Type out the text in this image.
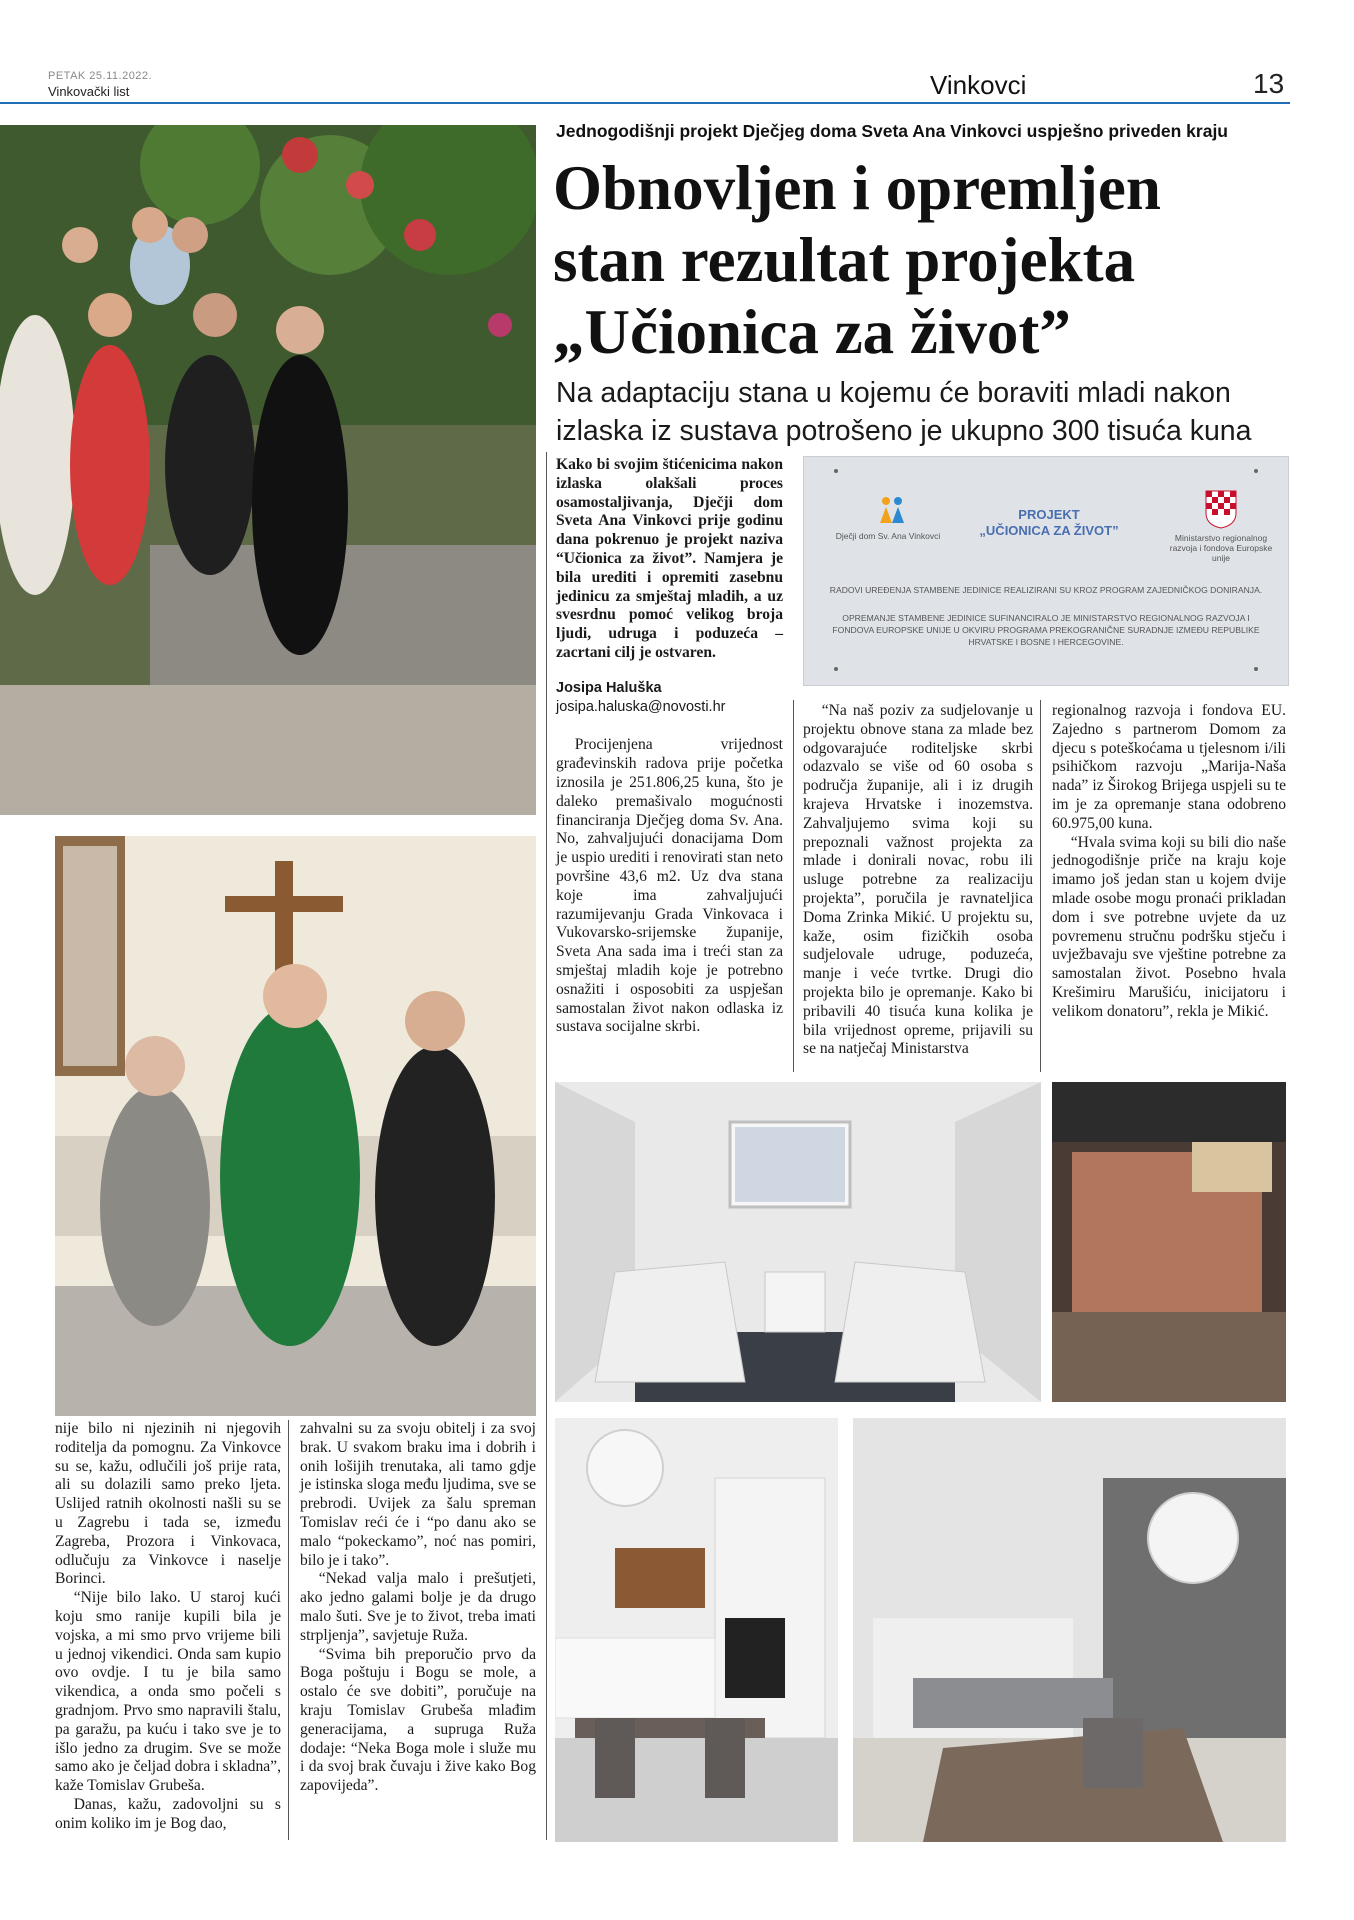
PETAK 25.11.2022.
Vinkovački list	Vinkovci	13
Jednogodišnji projekt Dječjeg doma Sveta Ana Vinkovci uspješno priveden kraju
Obnovljen i opremljen
stan rezultat projekta
„Učionica za život”
Na adaptaciju stana u kojemu će boraviti mladi nakon izlaska iz sustava potrošeno je ukupno 300 tisuća kuna
Dječji dom Sv. Ana Vinkovci
PROJEKT
„UČIONICA ZA ŽIVOT”	Ministarstvo regionalnog razvoja i fondova Europske unije
RADOVI UREĐENJA STAMBENE JEDINICE REALIZIRANI SU KROZ PROGRAM ZAJEDNIČKOG DONIRANJA.
OPREMANJE STAMBENE JEDINICE SUFINANCIRALO JE MINISTARSTVO REGIONALNOG RAZVOJA I FONDOVA EUROPSKE UNIJE U OKVIRU PROGRAMA PREKOGRANIČNE SURADNJE IZMEĐU REPUBLIKE HRVATSKE I BOSNE I HERCEGOVINE.

Kako bi svojim štićenicima nakon izlaska olakšali proces osamostaljivanja, Dječji dom Sveta Ana Vinkovci prije godinu dana pokrenuo je projekt naziva “Učionica za život”. Namjera je bila urediti i opremiti zasebnu jedinicu za smještaj mladih, a uz svesrdnu pomoć velikog broja ljudi, udruga i poduzeća – zacrtani cilj je ostvaren.

Josipa Haluška
josipa.haluska@novosti.hr

Procijenjena vrijednost građevinskih radova prije početka iznosila je 251.806,25 kuna, što je daleko premašivalo mogućnosti financiranja Dječjeg doma Sv. Ana. No, zahvaljujući donacijama Dom je uspio urediti i renovirati stan neto površine 43,6 m2. Uz dva stana koje ima zahvaljujući razumijevanju Grada Vinkovaca i Vukovarsko-srijemske županije, Sveta Ana sada ima i treći stan za smještaj mladih koje je potrebno osnažiti i osposobiti za uspješan samostalan život nakon odlaska iz sustava socijalne skrbi.

“Na naš poziv za sudjelovanje u projektu obnove stana za mlade bez odgovarajuće roditeljske skrbi odazvalo se više od 60 osoba s područja županije, ali i iz drugih krajeva Hrvatske i inozemstva. Zahvaljujemo svima koji su prepoznali važnost projekta za mlade i donirali novac, robu ili usluge potrebne za realizaciju projekta”, poručila je ravnateljica Doma Zrinka Mikić. U projektu su, kaže, osim fizičkih osoba sudjelovale udruge, poduzeća, manje i veće tvrtke. Drugi dio projekta bilo je opremanje. Kako bi pribavili 40 tisuća kuna kolika je bila vrijednost opreme, prijavili su se na natječaj Ministarstva

regionalnog razvoja i fondova EU. Zajedno s partnerom Domom za djecu s poteškoćama u tjelesnom i/ili psihičkom razvoju „Marija-Naša nada” iz Širokog Brijega uspjeli su te im je za opremanje stana odobreno 60.975,00 kuna.

“Hvala svima koji su bili dio naše jednogodišnje priče na kraju koje imamo još jedan stan u kojem dvije mlade osobe mogu pronaći prikladan dom i sve potrebne uvjete da uz povremenu stručnu podršku stječu i uvježbavaju sve vještine potrebne za samostalan život. Posebno hvala Krešimiru Marušiću, inicijatoru i velikom donatoru”, rekla je Mikić.

nije bilo ni njezinih ni njegovih roditelja da pomognu. Za Vinkovce su se, kažu, odlučili još prije rata, ali su dolazili samo preko ljeta. Uslijed ratnih okolnosti našli su se u Zagrebu i tada se, između Zagreba, Prozora i Vinkovaca, odlučuju za Vinkovce i naselje Borinci.

“Nije bilo lako. U staroj kući koju smo ranije kupili bila je vojska, a mi smo prvo vrijeme bili u jednoj vikendici. Onda sam kupio ovo ovdje. I tu je bila samo vikendica, a onda smo počeli s gradnjom. Prvo smo napravili štalu, pa garažu, pa kuću i tako sve je to išlo jedno za drugim. Sve se može samo ako je čeljad dobra i skladna”, kaže Tomislav Grubeša.

Danas, kažu, zadovoljni su s onim koliko im je Bog dao,

zahvalni su za svoju obitelj i za svoj brak. U svakom braku ima i dobrih i onih lošijih trenutaka, ali tamo gdje je istinska sloga među ljudima, sve se prebrodi. Uvijek za šalu spreman Tomislav reći će i “po danu ako se malo “pokeckamo”, noć nas pomiri, bilo je i tako”.

“Nekad valja malo i prešutjeti, ako jedno galami bolje je da drugo malo šuti. Sve je to život, treba imati strpljenja”, savjetuje Ruža.

“Svima bih preporučio prvo da Boga poštuju i Bogu se mole, a ostalo će sve dobiti”, poručuje na kraju Tomislav Grubeša mlađim generacijama, a supruga Ruža dodaje: “Neka Boga mole i služe mu i da svoj brak čuvaju i žive kako Bog zapovijeda”.
